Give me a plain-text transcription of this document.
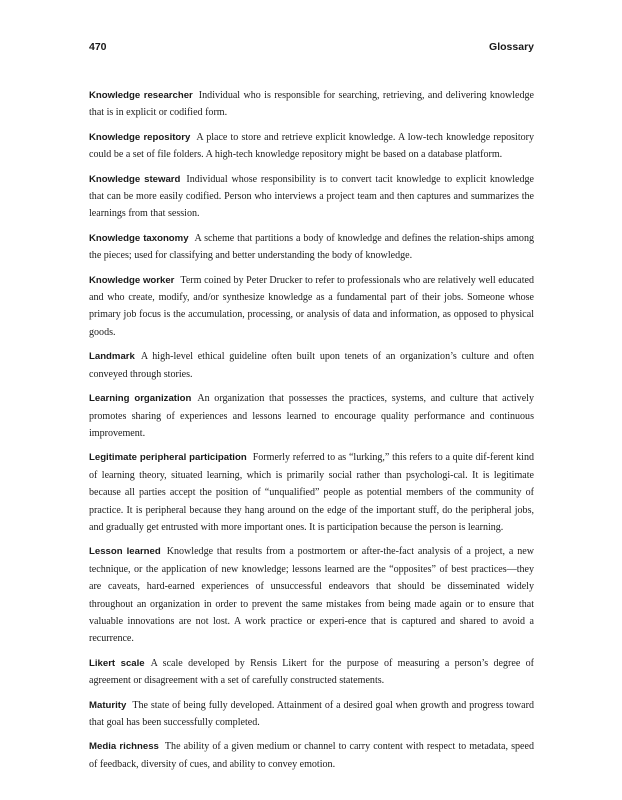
470	Glossary

Knowledge researcher Individual who is responsible for searching, retrieving, and delivering knowledge that is in explicit or codified form.

Knowledge repository A place to store and retrieve explicit knowledge. A low-tech knowledge repository could be a set of file folders. A high-tech knowledge repository might be based on a database platform.

Knowledge steward Individual whose responsibility is to convert tacit knowledge to explicit knowledge that can be more easily codified. Person who interviews a project team and then captures and summarizes the learnings from that session.

Knowledge taxonomy A scheme that partitions a body of knowledge and defines the relation-ships among the pieces; used for classifying and better understanding the body of knowledge.

Knowledge worker Term coined by Peter Drucker to refer to professionals who are relatively well educated and who create, modify, and/or synthesize knowledge as a fundamental part of their jobs. Someone whose primary job focus is the accumulation, processing, or analysis of data and information, as opposed to physical goods.

Landmark A high-level ethical guideline often built upon tenets of an organization’s culture and often conveyed through stories.

Learning organization An organization that possesses the practices, systems, and culture that actively promotes sharing of experiences and lessons learned to encourage quality performance and continuous improvement.

Legitimate peripheral participation Formerly referred to as “lurking,” this refers to a quite dif-ferent kind of learning theory, situated learning, which is primarily social rather than psychologi-cal. It is legitimate because all parties accept the position of “unqualified” people as potential members of the community of practice. It is peripheral because they hang around on the edge of the important stuff, do the peripheral jobs, and gradually get entrusted with more important ones. It is participation because the person is learning.

Lesson learned Knowledge that results from a postmortem or after-the-fact analysis of a project, a new technique, or the application of new knowledge; lessons learned are the “opposites” of best practices—they are caveats, hard-earned experiences of unsuccessful endeavors that should be disseminated widely throughout an organization in order to prevent the same mistakes from being made again or to ensure that valuable innovations are not lost. A work practice or experi-ence that is captured and shared to avoid a recurrence.

Likert scale A scale developed by Rensis Likert for the purpose of measuring a person’s degree of agreement or disagreement with a set of carefully constructed statements.

Maturity The state of being fully developed. Attainment of a desired goal when growth and progress toward that goal has been successfully completed.

Media richness The ability of a given medium or channel to carry content with respect to metadata, speed of feedback, diversity of cues, and ability to convey emotion.
